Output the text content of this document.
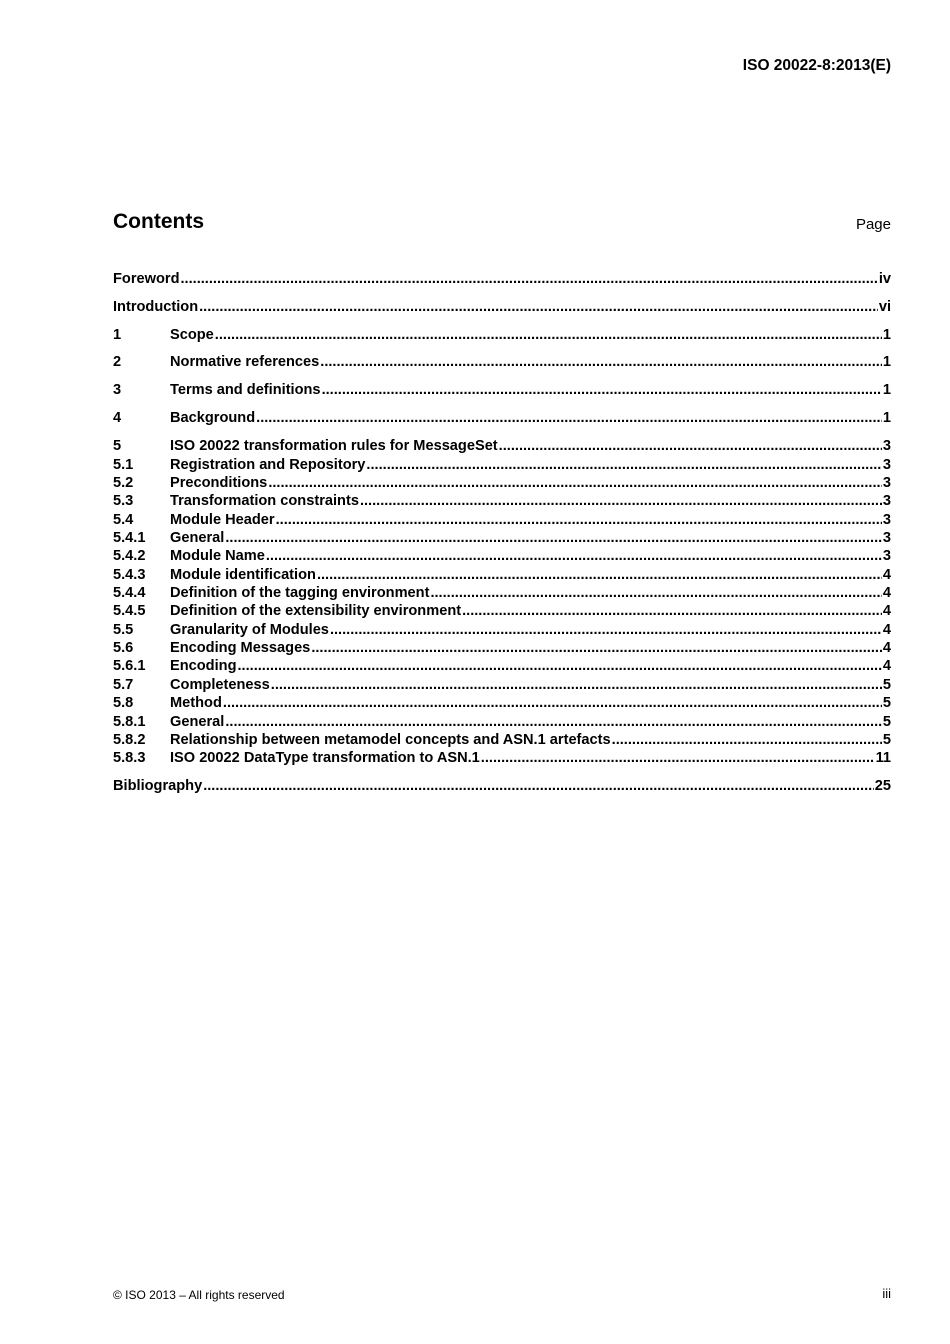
ISO 20022-8:2013(E)
Contents	Page
Foreword .....	iv
Introduction .....	vi
1	Scope .....	1
2	Normative references .....	1
3	Terms and definitions .....	1
4	Background .....	1
5	ISO 20022 transformation rules for MessageSet .....	3
5.1	Registration and Repository .....	3
5.2	Preconditions .....	3
5.3	Transformation constraints .....	3
5.4	Module Header .....	3
5.4.1	General .....	3
5.4.2	Module Name .....	3
5.4.3	Module identification .....	4
5.4.4	Definition of the tagging environment .....	4
5.4.5	Definition of the extensibility environment .....	4
5.5	Granularity of Modules .....	4
5.6	Encoding Messages .....	4
5.6.1	Encoding .....	4
5.7	Completeness .....	5
5.8	Method .....	5
5.8.1	General .....	5
5.8.2	Relationship between metamodel concepts and ASN.1 artefacts .....	5
5.8.3	ISO 20022 DataType transformation to ASN.1 .....	11
Bibliography .....	25
© ISO 2013 – All rights reserved	iii
